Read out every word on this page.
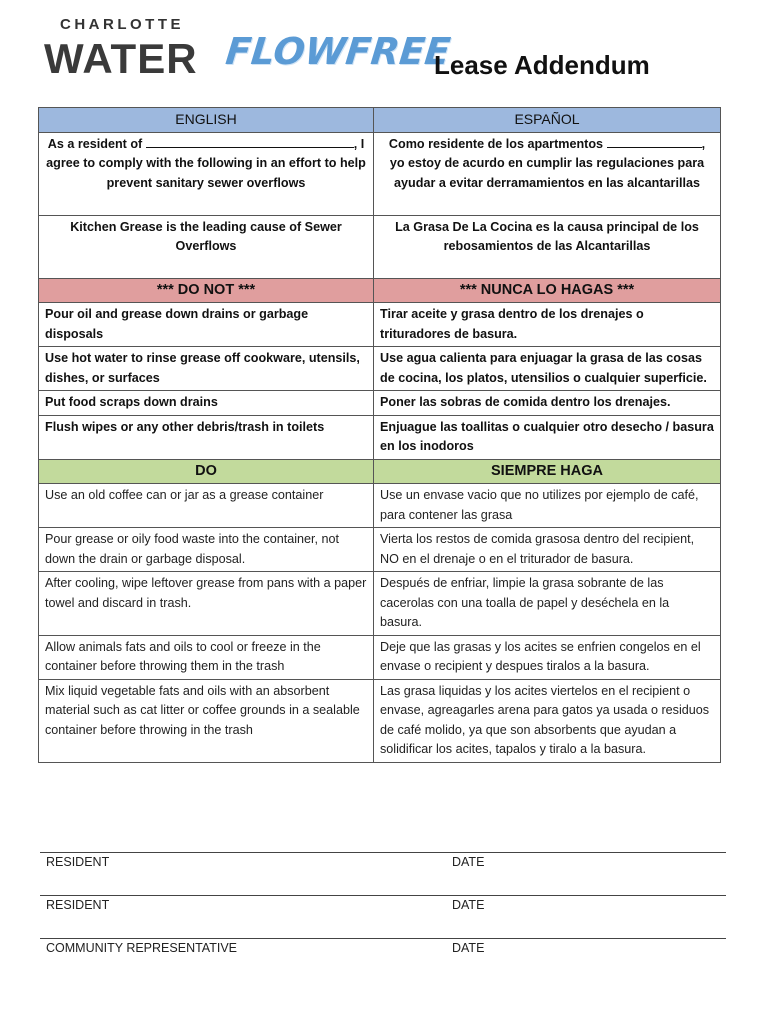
CHARLOTTE
WATER FLOWFREE
Lease Addendum
ENGLISH	ESPAÑOL
As a resident of , I agree to comply with the following in an effort to help prevent sanitary sewer overflows	Como residente de los apartmentos , yo estoy de acurdo en cumplir las regulaciones para ayudar a evitar derramamientos en las alcantarillas
Kitchen Grease is the leading cause of Sewer Overflows	La Grasa De La Cocina es la causa principal de los rebosamientos de las Alcantarillas
*** DO NOT ***	*** NUNCA LO HAGAS ***
Pour oil and grease down drains or garbage disposals	Tirar aceite y grasa dentro de los drenajes o trituradores de basura.
Use hot water to rinse grease off cookware, utensils, dishes, or surfaces	Use agua calienta para enjuagar la grasa de las cosas de cocina, los platos, utensilios o cualquier superficie.
Put food scraps down drains	Poner las sobras de comida dentro los drenajes.
Flush wipes or any other debris/trash in toilets	Enjuague las toallitas o cualquier otro desecho / basura en los inodoros
DO	SIEMPRE HAGA
Use an old coffee can or jar as a grease container	Use un envase vacio que no utilizes por ejemplo de café, para contener las grasa
Pour grease or oily food waste into the container, not down the drain or garbage disposal.	Vierta los restos de comida grasosa dentro del recipient, NO en el drenaje o en el triturador de basura.
After cooling, wipe leftover grease from pans with a paper towel and discard in trash.	Después de enfriar, limpie la grasa sobrante de las cacerolas con una toalla de papel y deséchela en la basura.
Allow animals fats and oils to cool or freeze in the container before throwing them in the trash	Deje que las grasas y los acites se enfrien congelos en el envase o recipient y despues tiralos a la basura.
Mix liquid vegetable fats and oils with an absorbent material such as cat litter or coffee grounds in a sealable container before throwing in the trash	Las grasa liquidas y los acites viertelos en el recipient o envase, agreagarles arena para gatos ya usada o residuos de café molido, ya que son absorbents que ayudan a solidificar los acites, tapalos y tiralo a la basura.
RESIDENT	DATE
RESIDENT	DATE
COMMUNITY REPRESENTATIVE	DATE
